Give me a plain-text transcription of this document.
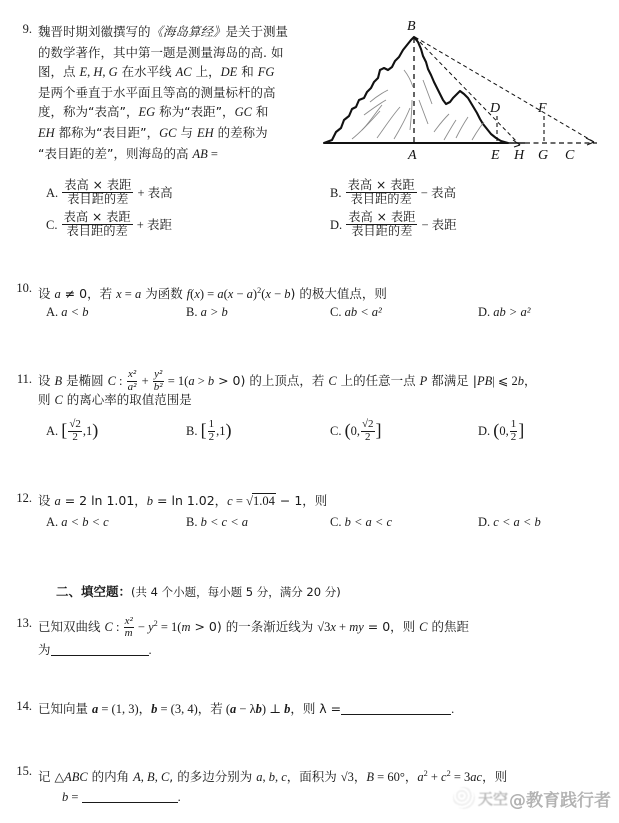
9. 魏晋时期刘徽撰写的《海岛算经》是关于测量
的数学著作，其中第一题是测量海岛的高. 如
图，点 E, H, G 在水平线 AC 上，DE 和 FG
是两个垂直于水平面且等高的测量标杆的高
度，称为“表高”，EG 称为“表距”，GC 和
EH 都称为“表目距”，GC 与 EH 的差称为
“表目距的差”，则海岛的高 AB =
B
A
D	F
E H G C
A. $\frac{\text{表高 × 表距}}{\text{表目距的差}}$ + 表高	B. $\frac{\text{表高 × 表距}}{\text{表目距的差}}$ − 表高
C. $\frac{\text{表高 × 表距}}{\text{表目距的差}}$ + 表距	D. $\frac{\text{表高 × 表距}}{\text{表目距的差}}$ − 表距
10. 设 a ≠ 0，若 x = a 为函数 $f(x) = a(x - a)^2(x - b)$ 的极大值点，则
A. a < b	B. a > b	C. ab < a²	D. ab > a²
11. 设 B 是椭圆 C : $\frac{\text{x²}}{\text{a²}} + \frac{\text{y²}}{\text{b²}} = 1(a > b > 0)$ 的上顶点，若 C 上的任意一点 P 都满足 |PB| ⩽ 2b，
则 C 的离心率的取值范围是
A. [ $\frac{√2}{2} ,1$)	B. [ $\frac{1}{2} ,1$)	C. (0, $\frac{√2}{2}$ ]	D. (0, $\frac{1}{2}$ ]
12. 设 a = 2 ln 1.01，b = ln 1.02，c = √1.04 − 1，则
A. a < b < c	B. b < c < a	C. b < a < c	D. c < a < b
二、填空题：(共 4 个小题，每小题 5 分，满分 20 分)
13. 已知双曲线 C : $\frac{\text{x²}}{m} - y^2 = 1(m > 0)$ 的一条渐近线为 √3x + my = 0，则 C 的焦距
为	.
14. 已知向量 a = (1, 3)，b = (3, 4)，若 (a − λb) ⊥ b，则 λ =	.
15. 记 △ABC 的内角 A, B, C, 的多边分别为 a, b, c，面积为 √3，B = 60°，$a^2 + c^2 = 3ac$，则
b =	.	天空 @教育践行者
